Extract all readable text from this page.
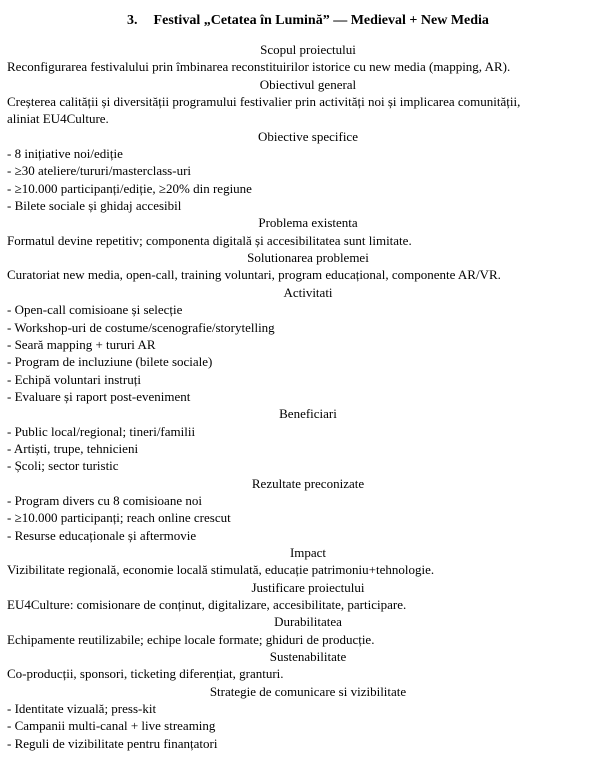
3. Festival „Cetatea în Lumină” — Medieval + New Media
Scopul proiectului
Reconfigurarea festivalului prin îmbinarea reconstituirilor istorice cu new media (mapping, AR).
Obiectivul general
Creșterea calității și diversității programului festivalier prin activități noi și implicarea comunității,
aliniat EU4Culture.
Obiective specifice
- 8 inițiative noi/ediție
- ≥30 ateliere/tururi/masterclass-uri
- ≥10.000 participanți/ediție, ≥20% din regiune
- Bilete sociale și ghidaj accesibil
Problema existenta
Formatul devine repetitiv; componenta digitală și accesibilitatea sunt limitate.
Solutionarea problemei
Curatoriat new media, open-call, training voluntari, program educațional, componente AR/VR.
Activitati
- Open-call comisioane și selecție
- Workshop-uri de costume/scenografie/storytelling
- Seară mapping + tururi AR
- Program de incluziune (bilete sociale)
- Echipă voluntari instruți
- Evaluare și raport post-eveniment
Beneficiari
- Public local/regional; tineri/familii
- Artiști, trupe, tehnicieni
- Școli; sector turistic
Rezultate preconizate
- Program divers cu 8 comisioane noi
- ≥10.000 participanți; reach online crescut
- Resurse educaționale și aftermovie
Impact
Vizibilitate regională, economie locală stimulată, educație patrimoniu+tehnologie.
Justificare proiectului
EU4Culture: comisionare de conținut, digitalizare, accesibilitate, participare.
Durabilitatea
Echipamente reutilizabile; echipe locale formate; ghiduri de producție.
Sustenabilitate
Co-producții, sponsori, ticketing diferențiat, granturi.
Strategie de comunicare si vizibilitate
- Identitate vizuală; press-kit
- Campanii multi-canal + live streaming
- Reguli de vizibilitate pentru finanțatori
